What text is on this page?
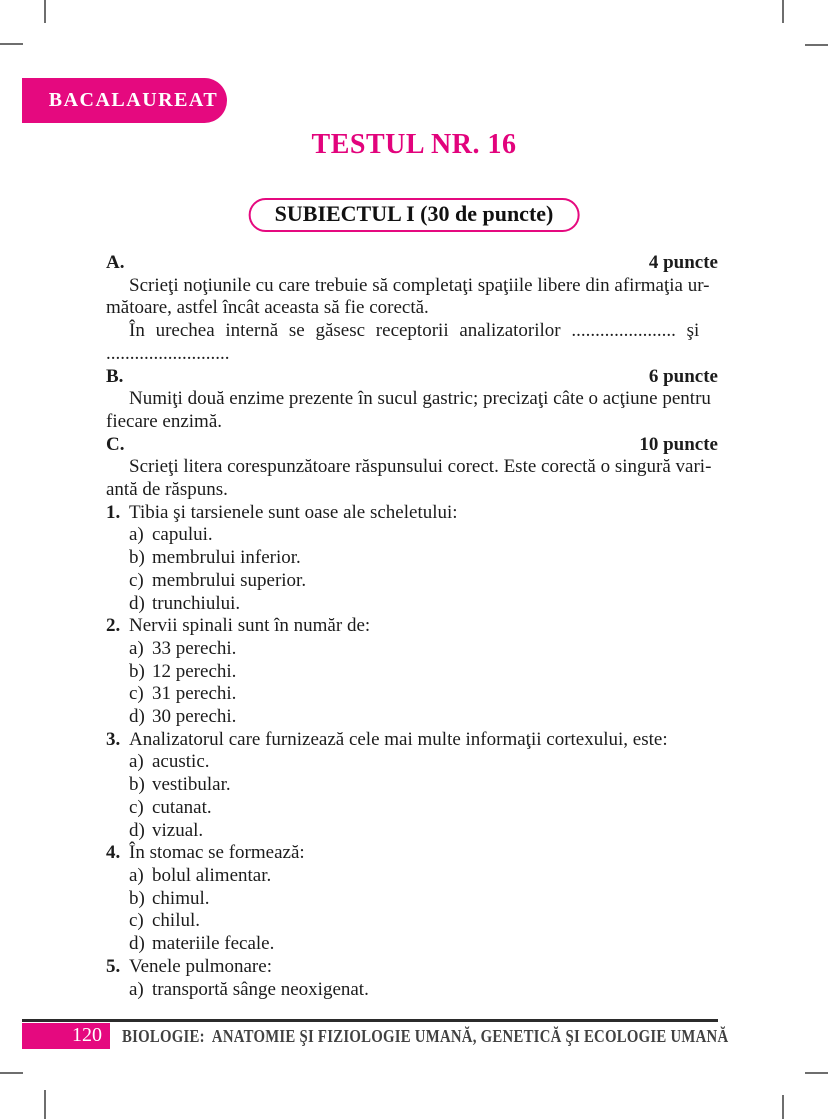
BACALAUREAT
TESTUL NR. 16
SUBIECTUL I (30 de puncte)
A.	4 puncte
Scrieţi noţiunile cu care trebuie să completaţi spaţiile libere din afirmaţia ur-
mătoare, astfel încât aceasta să fie corectă.
În urechea internă se găsesc receptorii analizatorilor ...................... şi
..........................
B.	6 puncte
Numiţi două enzime prezente în sucul gastric; precizaţi câte o acţiune pentru
fiecare enzimă.
C.	10 puncte
Scrieţi litera corespunzătoare răspunsului corect. Este corectă o singură vari-
antă de răspuns.
1. Tibia şi tarsienele sunt oase ale scheletului:
a) capului.
b) membrului inferior.
c) membrului superior.
d) trunchiului.
2. Nervii spinali sunt în număr de:
a) 33 perechi.
b) 12 perechi.
c) 31 perechi.
d) 30 perechi.
3. Analizatorul care furnizează cele mai multe informaţii cortexului, este:
a) acustic.
b) vestibular.
c) cutanat.
d) vizual.
4. În stomac se formează:
a) bolul alimentar.
b) chimul.
c) chilul.
d) materiile fecale.
5. Venele pulmonare:
a) transportă sânge neoxigenat.
120	BIOLOGIE:  ANATOMIE ŞI FIZIOLOGIE UMANĂ, GENETICĂ ŞI ECOLOGIE UMANĂ
